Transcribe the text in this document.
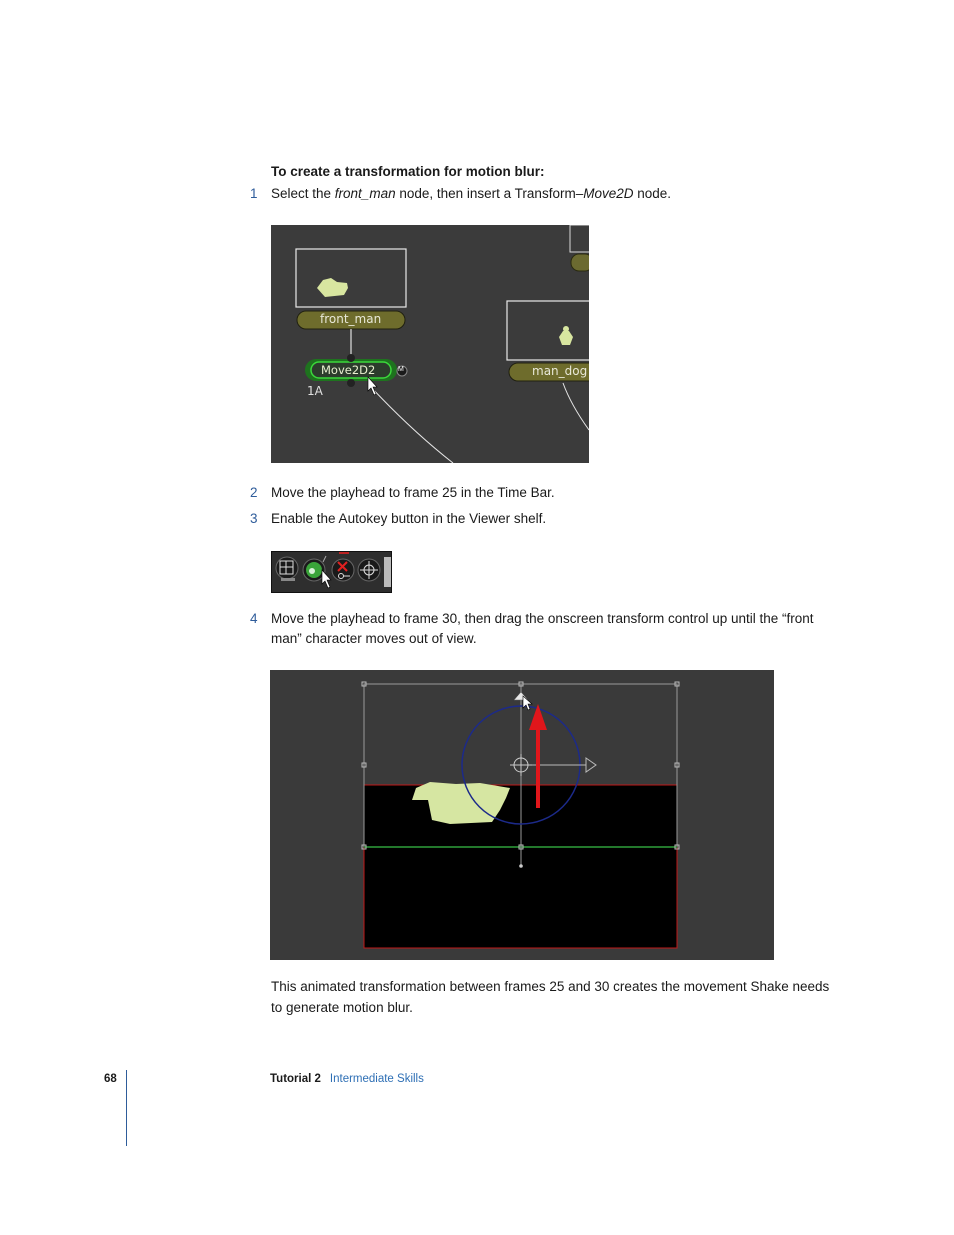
To create a transformation for motion blur:
1 Select the front_man node, then insert a Transform–Move2D node.
front_man
Move2D2	M
1A
man_dog
2 Move the playhead to frame 25 in the Time Bar.
3 Enable the Autokey button in the Viewer shelf.
4 Move the playhead to frame 30, then drag the onscreen transform control up until the “front man” character moves out of view.
This animated transformation between frames 25 and 30 creates the movement Shake needs to generate motion blur.
68	Tutorial 2 Intermediate Skills
